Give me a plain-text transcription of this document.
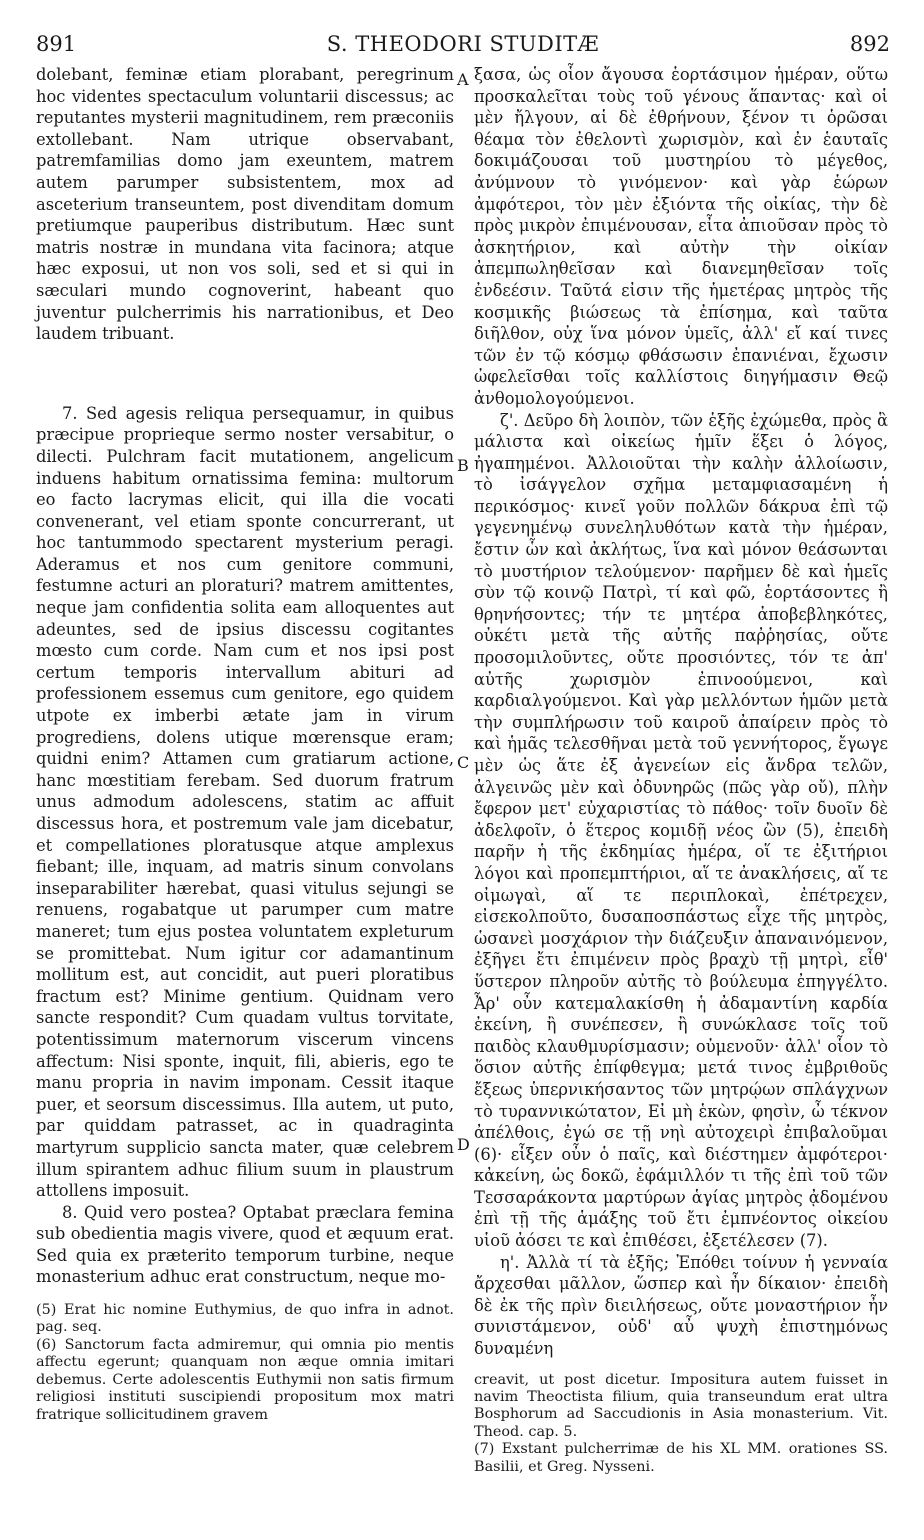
891	S. THEODORI STUDITÆ	892
A
B
C
D

dolebant, feminæ etiam plorabant, peregrinum hoc videntes spectaculum voluntarii discessus; ac reputantes mysterii magnitudinem, rem præconiis extollebant. Nam utrique observabant, patremfamilias domo jam exeuntem, matrem autem parumper subsistentem, mox ad asceterium transeuntem, post divenditam domum pretiumque pauperibus distributum. Hæc sunt matris nostræ in mundana vita facinora; atque hæc exposui, ut non vos soli, sed et si qui in sæculari mundo cognoverint, habeant quo juventur pulcherrimis his narrationibus, et Deo laudem tribuant.

7. Sed agesis reliqua persequamur, in quibus præcipue proprieque sermo noster versabitur, o dilecti. Pulchram facit mutationem, angelicum induens habitum ornatissima femina: multorum eo facto lacrymas elicit, qui illa die vocati convenerant, vel etiam sponte concurrerant, ut hoc tantummodo spectarent mysterium peragi. Aderamus et nos cum genitore communi, festumne acturi an ploraturi? matrem amittentes, neque jam confidentia solita eam alloquentes aut adeuntes, sed de ipsius discessu cogitantes mœsto cum corde. Nam cum et nos ipsi post certum temporis intervallum abituri ad professionem essemus cum genitore, ego quidem utpote ex imberbi ætate jam in virum progrediens, dolens utique mœrensque eram; quidni enim? Attamen cum gratiarum actione, hanc mœstitiam ferebam. Sed duorum fratrum unus admodum adolescens, statim ac affuit discessus hora, et postremum vale jam dicebatur, et compellationes ploratusque atque amplexus fiebant; ille, inquam, ad matris sinum convolans inseparabiliter hærebat, quasi vitulus sejungi se renuens, rogabatque ut parumper cum matre maneret; tum ejus postea voluntatem expleturum se promittebat. Num igitur cor adamantinum mollitum est, aut concidit, aut pueri ploratibus fractum est? Minime gentium. Quidnam vero sancte respondit? Cum quadam vultus torvitate, potentissimum maternorum viscerum vincens affectum: Nisi sponte, inquit, fili, abieris, ego te manu propria in navim imponam. Cessit itaque puer, et seorsum discessimus. Illa autem, ut puto, par quiddam patrasset, ac in quadraginta martyrum supplicio sancta mater, quæ celebrem illum spirantem adhuc filium suum in plaustrum attollens imposuit.

8. Quid vero postea? Optabat præclara femina sub obedientia magis vivere, quod et æquum erat. Sed quia ex præterito temporum turbine, neque monasterium adhuc erat constructum, neque mo-

(5) Erat hic nomine Euthymius, de quo infra in adnot. pag. seq.

(6) Sanctorum facta admiremur, qui omnia pio mentis affectu egerunt; quanquam non æque omnia imitari debemus. Certe adolescentis Euthymii non satis firmum religiosi instituti suscipiendi propositum mox matri fratrique sollicitudinem gravem

ξασα, ὡς οἷον ἄγουσα ἑορτάσιμον ἡμέραν, οὕτω προσκαλεῖται τοὺς τοῦ γένους ἅπαντας· καὶ οἱ μὲν ἤλγουν, αἱ δὲ ἐθρήνουν, ξένον τι ὁρῶσαι θέαμα τὸν ἐθελοντὶ χωρισμὸν, καὶ ἐν ἑαυταῖς δοκιμάζουσαι τοῦ μυστηρίου τὸ μέγεθος, ἀνύμνουν τὸ γινόμενον· καὶ γὰρ ἑώρων ἀμφότεροι, τὸν μὲν ἐξιόντα τῆς οἰκίας, τὴν δὲ πρὸς μικρὸν ἐπιμένουσαν, εἶτα ἀπιοῦσαν πρὸς τὸ ἀσκητήριον, καὶ αὐτὴν τὴν οἰκίαν ἀπεμπωληθεῖσαν καὶ διανεμηθεῖσαν τοῖς ἐνδεέσιν. Ταῦτά εἰσιν τῆς ἡμετέρας μητρὸς τῆς κοσμικῆς βιώσεως τὰ ἐπίσημα, καὶ ταῦτα διῆλθον, οὐχ ἵνα μόνον ὑμεῖς, ἀλλ' εἴ καί τινες τῶν ἐν τῷ κόσμῳ φθάσωσιν ἐπανιέναι, ἔχωσιν ὠφελεῖσθαι τοῖς καλλίστοις διηγήμασιν Θεῷ ἀνθομολογούμενοι.

ζ'. Δεῦρο δὴ λοιπὸν, τῶν ἑξῆς ἐχώμεθα, πρὸς ἃ μάλιστα καὶ οἰκείως ἡμῖν ἕξει ὁ λόγος, ἠγαπημένοι. Ἀλλοιοῦται τὴν καλὴν ἀλλοίωσιν, τὸ ἰσάγγελον σχῆμα μεταμφιασαμένη ἡ περικόσμος· κινεῖ γοῦν πολλῶν δάκρυα ἐπὶ τῷ γεγενημένῳ συνεληλυθότων κατὰ τὴν ἡμέραν, ἔστιν ὧν καὶ ἀκλήτως, ἵνα καὶ μόνον θεάσωνται τὸ μυστήριον τελούμενον· παρῆμεν δὲ καὶ ἡμεῖς σὺν τῷ κοινῷ Πατρὶ, τί καὶ φῶ, ἑορτάσοντες ἢ θρηνήσοντες; τήν τε μητέρα ἀποβεβληκότες, οὐκέτι μετὰ τῆς αὐτῆς παῤῥησίας, οὔτε προσομιλοῦντες, οὔτε προσιόντες, τόν τε ἀπ' αὐτῆς χωρισμὸν ἐπινοούμενοι, καὶ καρδιαλγούμενοι. Καὶ γὰρ μελλόντων ἡμῶν μετὰ τὴν συμπλήρωσιν τοῦ καιροῦ ἀπαίρειν πρὸς τὸ καὶ ἡμᾶς τελεσθῆναι μετὰ τοῦ γεννήτορος, ἔγωγε μὲν ὡς ἅτε ἐξ ἀγενείων εἰς ἄνδρα τελῶν, ἀλγεινῶς μὲν καὶ ὀδυνηρῶς (πῶς γὰρ οὔ), πλὴν ἔφερον μετ' εὐχαριστίας τὸ πάθος· τοῖν δυοῖν δὲ ἀδελφοῖν, ὁ ἕτερος κομιδῇ νέος ὢν (5), ἐπειδὴ παρῆν ἡ τῆς ἐκδημίας ἡμέρα, οἵ τε ἐξιτήριοι λόγοι καὶ προπεμπτήριοι, αἵ τε ἀνακλήσεις, αἵ τε οἰμωγαὶ, αἵ τε περιπλοκαὶ, ἐπέτρεχεν, εἰσεκολποῦτο, δυσαποσπάστως εἶχε τῆς μητρὸς, ὡσανεὶ μοσχάριον τὴν διάζευξιν ἀπαναινόμενον, ἐξῆγει ἔτι ἐπιμένειν πρὸς βραχὺ τῇ μητρὶ, εἶθ' ὕστερον πληροῦν αὐτῆς τὸ βούλευμα ἐπηγγέλτο. Ἆρ' οὖν κατεμαλακίσθη ἡ ἀδαμαντίνη καρδία ἐκείνη, ἢ συνέπεσεν, ἢ συνώκλασε τοῖς τοῦ παιδὸς κλαυθμυρίσμασιν; οὐμενοῦν· ἀλλ' οἷον τὸ ὅσιον αὐτῆς ἐπίφθεγμα; μετά τινος ἐμβριθοῦς ἔξεως ὑπερνικήσαντος τῶν μητρῴων σπλάγχνων τὸ τυραννικώτατον, Εἰ μὴ ἑκὼν, φησὶν, ὦ τέκνον ἀπέλθοις, ἐγώ σε τῇ νηὶ αὐτοχειρὶ ἐπιβαλοῦμαι (6)· εἶξεν οὖν ὁ παῖς, καὶ διέστημεν ἀμφότεροι· κἀκείνη, ὡς δοκῶ, ἐφάμιλλόν τι τῆς ἐπὶ τοῦ τῶν Τεσσαράκοντα μαρτύρων ἁγίας μητρὸς ᾀδομένου ἐπὶ τῇ τῆς ἁμάξης τοῦ ἔτι ἐμπνέοντος οἰκείου υἱοῦ ἀόσει τε καὶ ἐπιθέσει, ἐξετέλεσεν (7).

η'. Ἀλλὰ τί τὰ ἑξῆς; Ἐπόθει τοίνυν ἡ γενναία ἄρχεσθαι μᾶλλον, ὥσπερ καὶ ἦν δίκαιον· ἐπειδὴ δὲ ἐκ τῆς πρὶν διειλήσεως, οὔτε μοναστήριον ἦν συνιστάμενον, οὐδ' αὖ ψυχὴ ἐπιστημόνως δυναμένη

creavit, ut post dicetur. Impositura autem fuisset in navim Theoctista filium, quia transeundum erat ultra Bosphorum ad Saccudionis in Asia monasterium. Vit. Theod. cap. 5.

(7) Exstant pulcherrimæ de his XL MM. orationes SS. Basilii, et Greg. Nysseni.
